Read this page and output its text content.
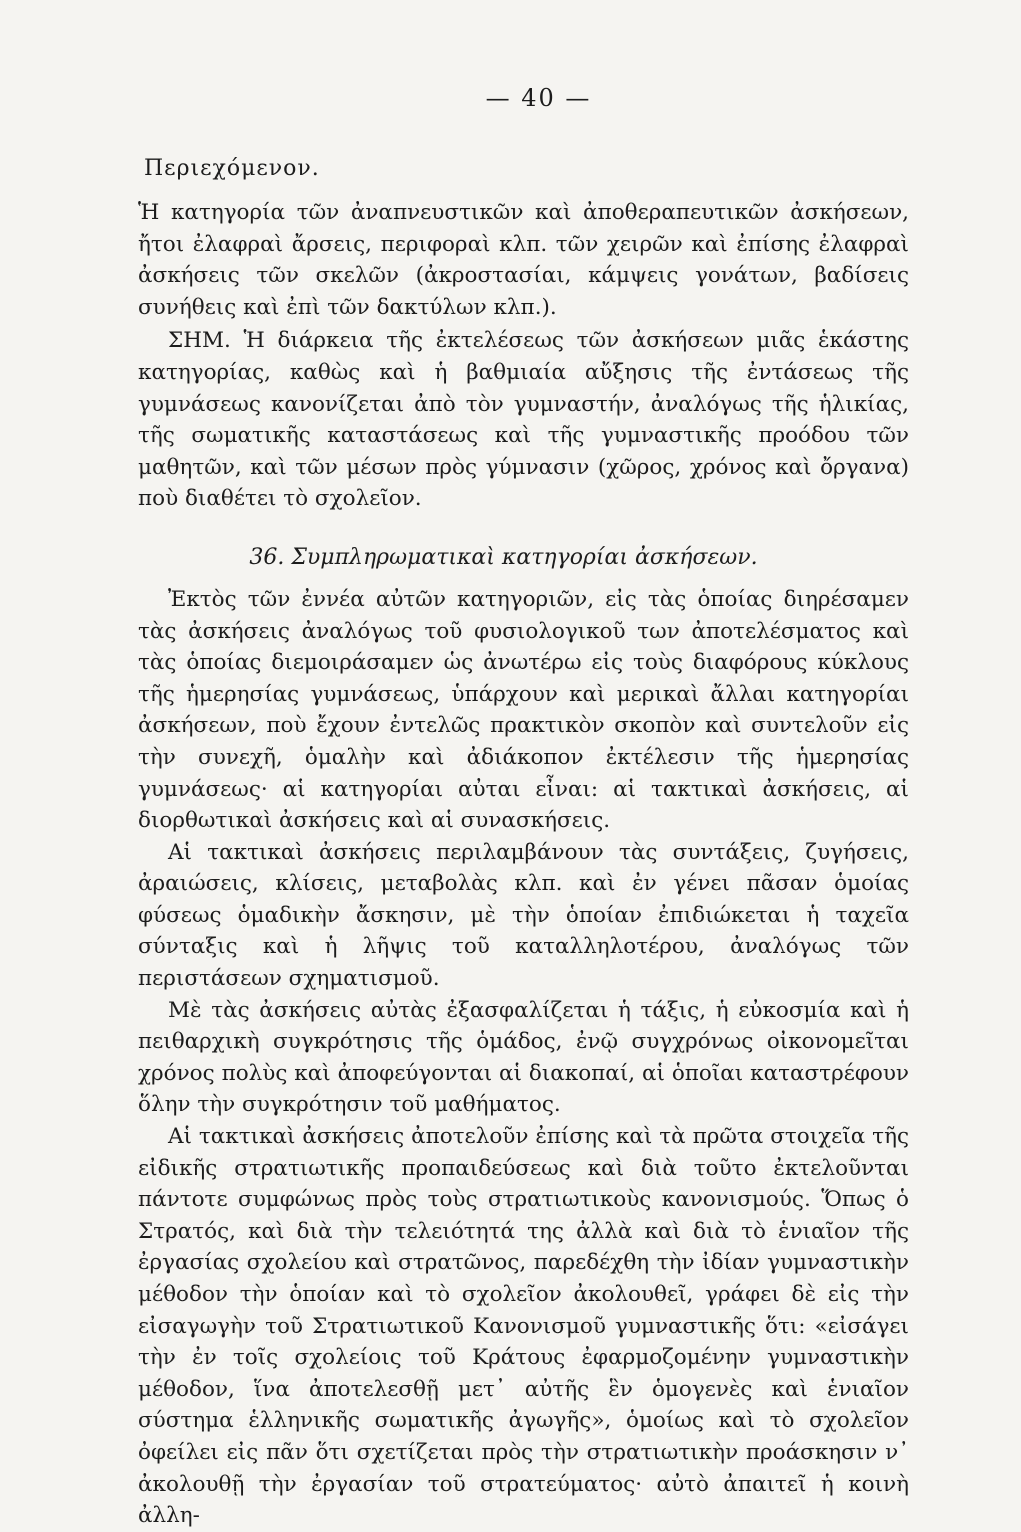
— 40 —
Περιεχόμενον.

Ἡ κατηγορία τῶν ἀναπνευστικῶν καὶ ἀποθεραπευτικῶν ἀσκήσεων, ἤτοι ἐλαφραὶ ἄρσεις, περιφοραὶ κλπ. τῶν χειρῶν καὶ ἐπίσης ἐλαφραὶ ἀσκήσεις τῶν σκελῶν (ἀκροστασίαι, κάμψεις γονάτων, βαδίσεις συνήθεις καὶ ἐπὶ τῶν δακτύλων κλπ.).

ΣΗΜ. Ἡ διάρκεια τῆς ἐκτελέσεως τῶν ἀσκήσεων μιᾶς ἑκάστης κατηγορίας, καθὼς καὶ ἡ βαθμιαία αὔξησις τῆς ἐντάσεως τῆς γυμνάσεως κανονίζεται ἀπὸ τὸν γυμναστήν, ἀναλόγως τῆς ἡλικίας, τῆς σωματικῆς καταστάσεως καὶ τῆς γυμναστικῆς προόδου τῶν μαθητῶν, καὶ τῶν μέσων πρὸς γύμνασιν (χῶρος, χρόνος καὶ ὄργανα) ποὺ διαθέτει τὸ σχολεῖον.

36. Συμπληρωματικαὶ κατηγορίαι ἀσκήσεων.

Ἐκτὸς τῶν ἐννέα αὐτῶν κατηγοριῶν, εἰς τὰς ὁποίας διηρέσαμεν τὰς ἀσκήσεις ἀναλόγως τοῦ φυσιολογικοῦ των ἀποτελέσματος καὶ τὰς ὁποίας διεμοιράσαμεν ὡς ἀνωτέρω εἰς τοὺς διαφόρους κύκλους τῆς ἡμερησίας γυμνάσεως, ὑπάρχουν καὶ μερικαὶ ἄλλαι κατηγορίαι ἀσκήσεων, ποὺ ἔχουν ἐντελῶς πρακτικὸν σκοπὸν καὶ συντελοῦν εἰς τὴν συνεχῆ, ὁμαλὴν καὶ ἀδιάκοπον ἐκτέλεσιν τῆς ἡμερησίας γυμνάσεως· αἱ κατηγορίαι αὐται εἶναι: αἱ τακτικαὶ ἀσκήσεις, αἱ διορθωτικαὶ ἀσκήσεις καὶ αἱ συνασκήσεις.

Αἱ τακτικαὶ ἀσκήσεις περιλαμβάνουν τὰς συντάξεις, ζυγήσεις, ἀραιώσεις, κλίσεις, μεταβολὰς κλπ. καὶ ἐν γένει πᾶσαν ὁμοίας φύσεως ὁμαδικὴν ἄσκησιν, μὲ τὴν ὁποίαν ἐπιδιώκεται ἡ ταχεῖα σύνταξις καὶ ἡ λῆψις τοῦ καταλληλοτέρου, ἀναλόγως τῶν περιστάσεων σχηματισμοῦ.

Μὲ τὰς ἀσκήσεις αὐτὰς ἐξασφαλίζεται ἡ τάξις, ἡ εὐκοσμία καὶ ἡ πειθαρχικὴ συγκρότησις τῆς ὁμάδος, ἐνῷ συγχρόνως οἰκονομεῖται χρόνος πολὺς καὶ ἀποφεύγονται αἱ διακοπαί, αἱ ὁποῖαι καταστρέφουν ὅλην τὴν συγκρότησιν τοῦ μαθήματος.

Αἱ τακτικαὶ ἀσκήσεις ἀποτελοῦν ἐπίσης καὶ τὰ πρῶτα στοιχεῖα τῆς εἰδικῆς στρατιωτικῆς προπαιδεύσεως καὶ διὰ τοῦτο ἐκτελοῦνται πάντοτε συμφώνως πρὸς τοὺς στρατιωτικοὺς κανονισμούς. Ὅπως ὁ Στρατός, καὶ διὰ τὴν τελειότητά της ἀλλὰ καὶ διὰ τὸ ἑνιαῖον τῆς ἐργασίας σχολείου καὶ στρατῶνος, παρεδέχθη τὴν ἰδίαν γυμναστικὴν μέθοδον τὴν ὁποίαν καὶ τὸ σχολεῖον ἀκολουθεῖ, γράφει δὲ εἰς τὴν εἰσαγωγὴν τοῦ Στρατιωτικοῦ Κανονισμοῦ γυμναστικῆς ὅτι: «εἰσάγει τὴν ἐν τοῖς σχολείοις τοῦ Κράτους ἐφαρμοζομένην γυμναστικὴν μέθοδον, ἵνα ἀποτελεσθῇ μετ᾽ αὐτῆς ἓν ὁμογενὲς καὶ ἑνιαῖον σύστημα ἑλληνικῆς σωματικῆς ἀγωγῆς», ὁμοίως καὶ τὸ σχολεῖον ὀφείλει εἰς πᾶν ὅτι σχετίζεται πρὸς τὴν στρατιωτικὴν προάσκησιν ν᾽ ἀκολουθῇ τὴν ἐργασίαν τοῦ στρατεύματος· αὐτὸ ἀπαιτεῖ ἡ κοινὴ ἀλλη-
